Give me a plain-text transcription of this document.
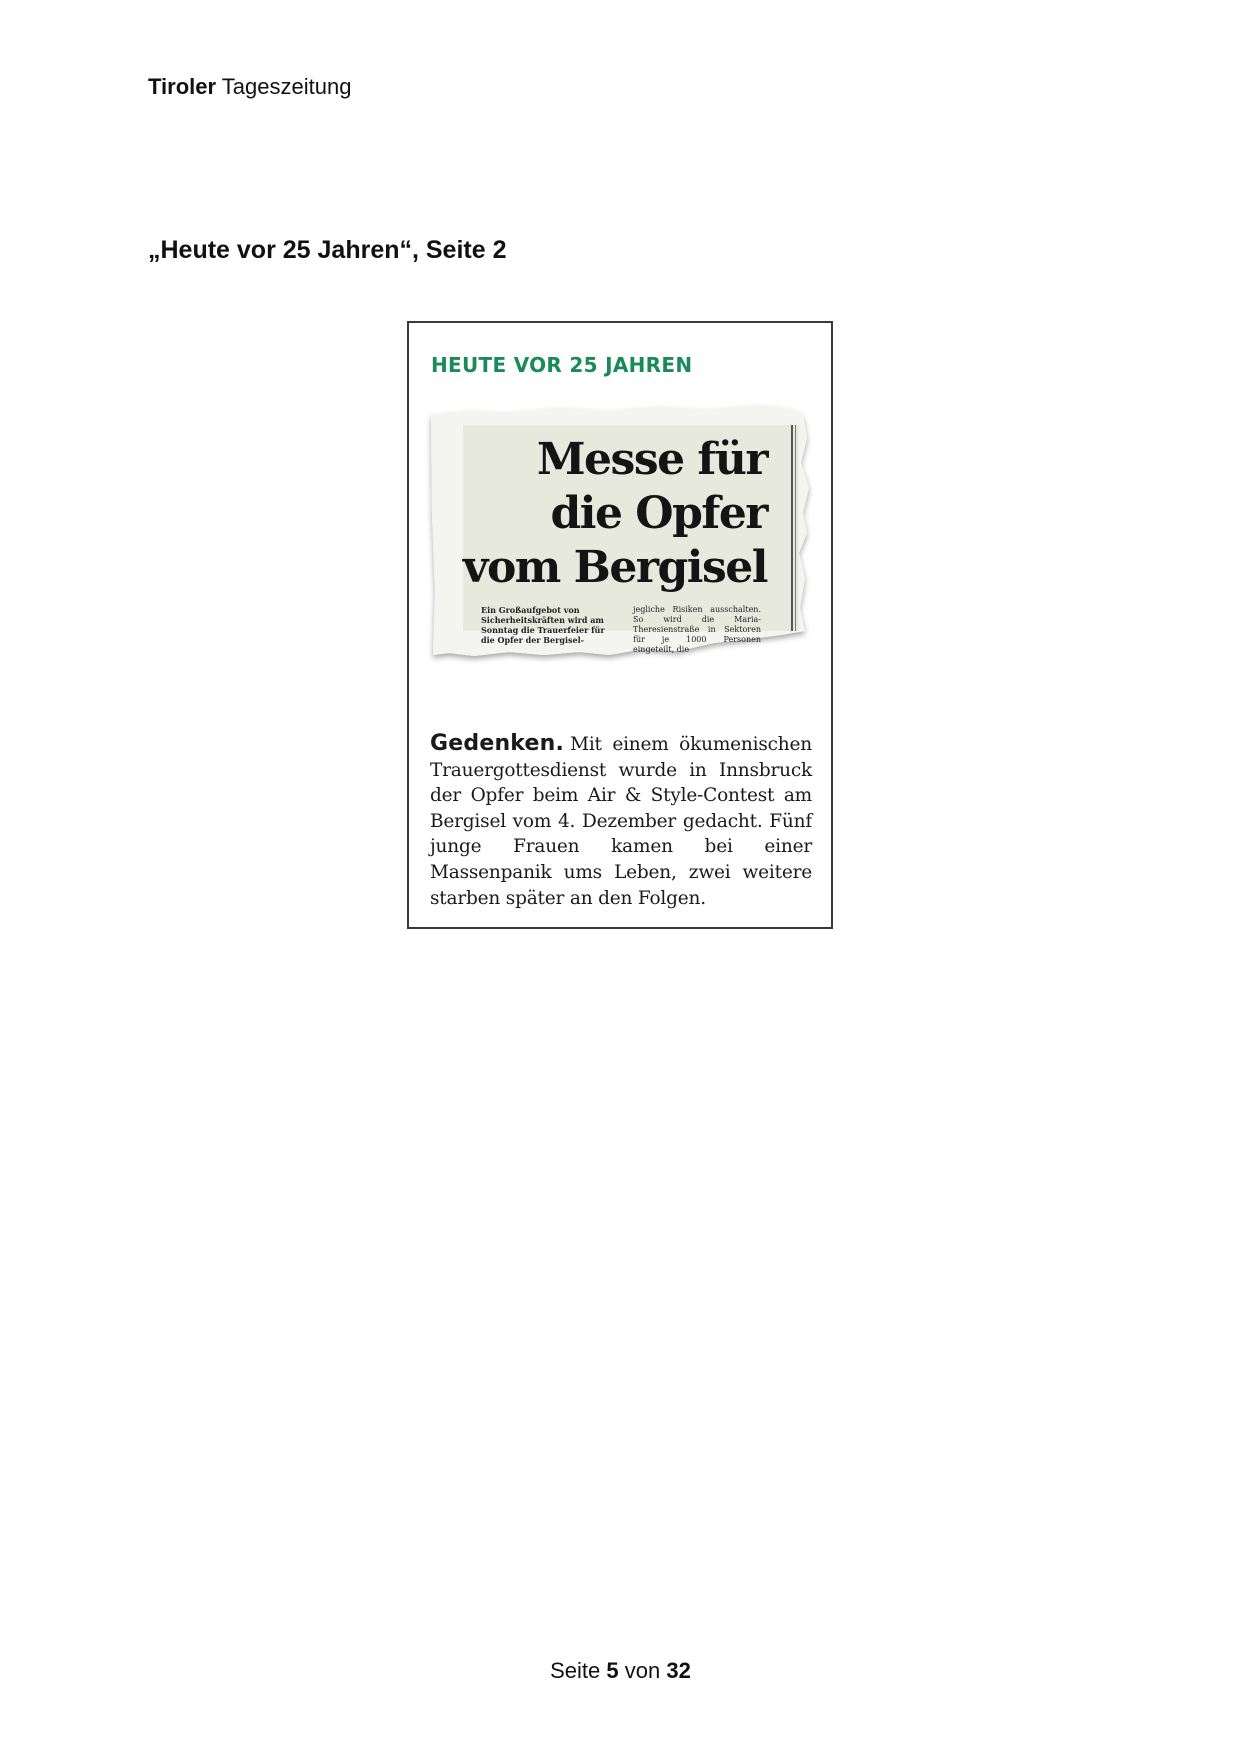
Tiroler Tageszeitung
„Heute vor 25 Jahren“, Seite 2
HEUTE VOR 25 JAHREN
Messe für
die Opfer
vom Bergisel
Ein Großaufgebot von Sicherheitskräften wird am Sonntag die Trauerfeier für die Opfer der Bergisel-
jegliche Risiken ausschalten. So wird die Maria-Theresienstraße in Sektoren für je 1000 Personen eingeteilt, die
Gedenken. Mit einem ökumenischen Trauergottesdienst wurde in Innsbruck der Opfer beim Air & Style-Contest am Bergisel vom 4. Dezember gedacht. Fünf junge Frauen kamen bei einer Massenpanik ums Leben, zwei weitere starben später an den Folgen.
Seite 5 von 32
